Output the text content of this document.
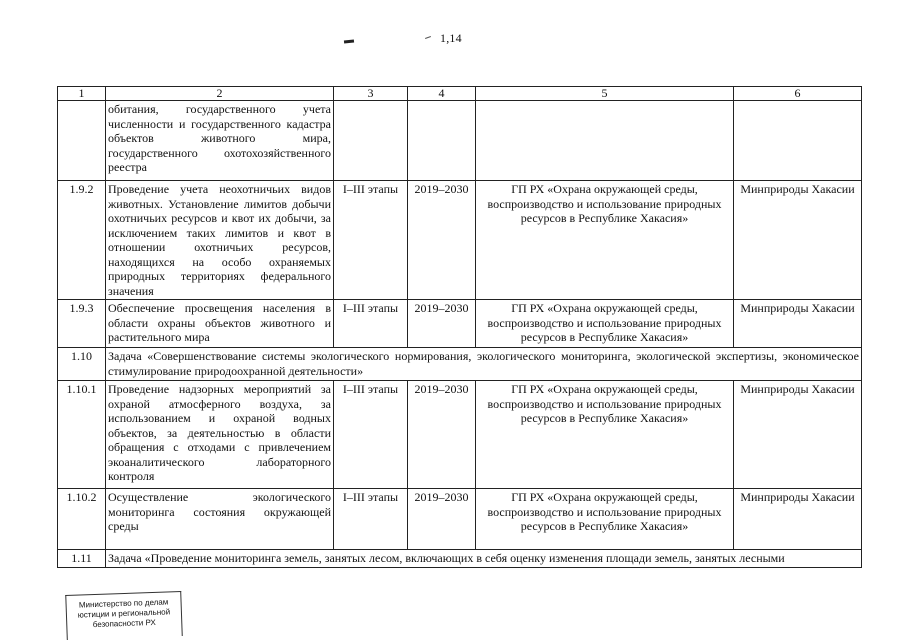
1,14
1	2	3	4	5	6
	обитания, государственного учета численности и государственного кадастра объектов животного мира, государственного охотохозяйственного реестра				
1.9.2	Проведение учета неохотничьих видов животных. Установление лимитов добычи охотничьих ресурсов и квот их добычи, за исключением таких лимитов и квот в отношении охотничьих ресурсов, находящихся на особо охраняемых природных территориях федерального значения	I–III этапы	2019–2030	ГП РХ «Охрана окружающей среды, воспроизводство и использование природных ресурсов в Республике Хакасия»	Минприроды Хакасии
1.9.3	Обеспечение просвещения населения в области охраны объектов животного и растительного мира	I–III этапы	2019–2030	ГП РХ «Охрана окружающей среды, воспроизводство и использование природных ресурсов в Республике Хакасия»	Минприроды Хакасии
1.10	Задача «Совершенствование системы экологического нормирования, экологического мониторинга, экологической экспертизы, экономическое стимулирование природоохранной деятельности»				
1.10.1	Проведение надзорных мероприятий за охраной атмосферного воздуха, за использованием и охраной водных объектов, за деятельностью в области обращения с отходами с привлечением экоаналитического лабораторного контроля	I–III этапы	2019–2030	ГП РХ «Охрана окружающей среды, воспроизводство и использование природных ресурсов в Республике Хакасия»	Минприроды Хакасии
1.10.2	Осуществление экологического мониторинга состояния окружающей среды	I–III этапы	2019–2030	ГП РХ «Охрана окружающей среды, воспроизводство и использование природных ресурсов в Республике Хакасия»	Минприроды Хакасии
1.11	Задача «Проведение мониторинга земель, занятых лесом, включающих в себя оценку изменения площади земель, занятых лесными				
Министерство по делам юстиции и региональной безопасности РХ
